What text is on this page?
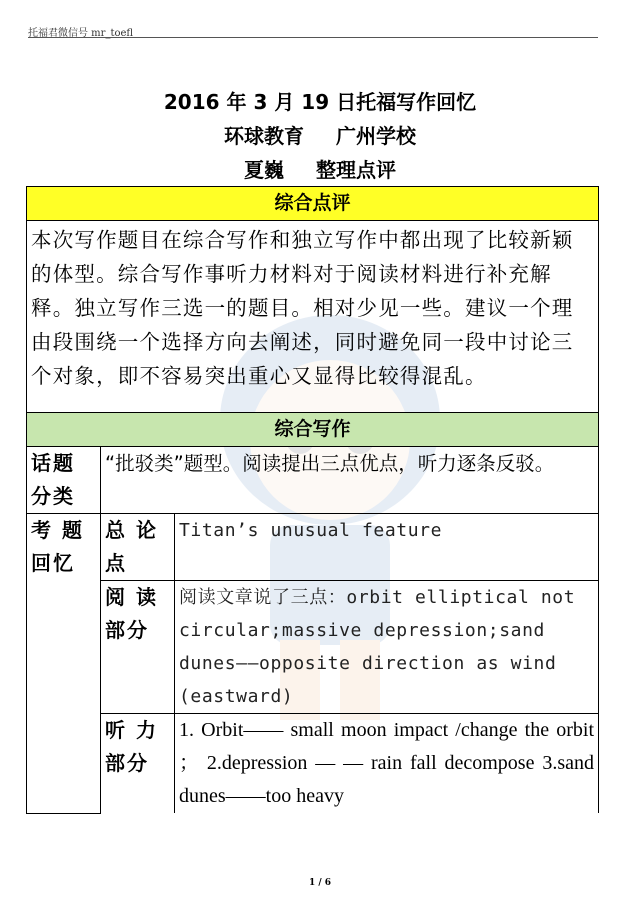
托福君微信号 mr_toefl
2016 年 3 月 19 日托福写作回忆
环球教育 广州学校
夏巍 整理点评
综合点评		
本次写作题目在综合写作和独立写作中都出现了比较新颖的体型。综合写作事听力材料对于阅读材料进行补充解释。独立写作三选一的题目。相对少见一些。建议一个理由段围绕一个选择方向去阐述，同时避免同一段中讨论三个对象，即不容易突出重心又显得比较得混乱。		
综合写作		
话题分类	“批驳类”题型。阅读提出三点优点，听力逐条反驳。	
考 题回忆	总 论点	Titan’s unusual feature
	阅 读部分	阅读文章说了三点：orbit elliptical not circular;massive depression;sand dunes——opposite direction as wind (eastward)
	听 力部分	1. Orbit—— small moon impact /change the orbit ； 2.depression — — rain fall decompose 3.sand dunes——too heavy
1 / 6
